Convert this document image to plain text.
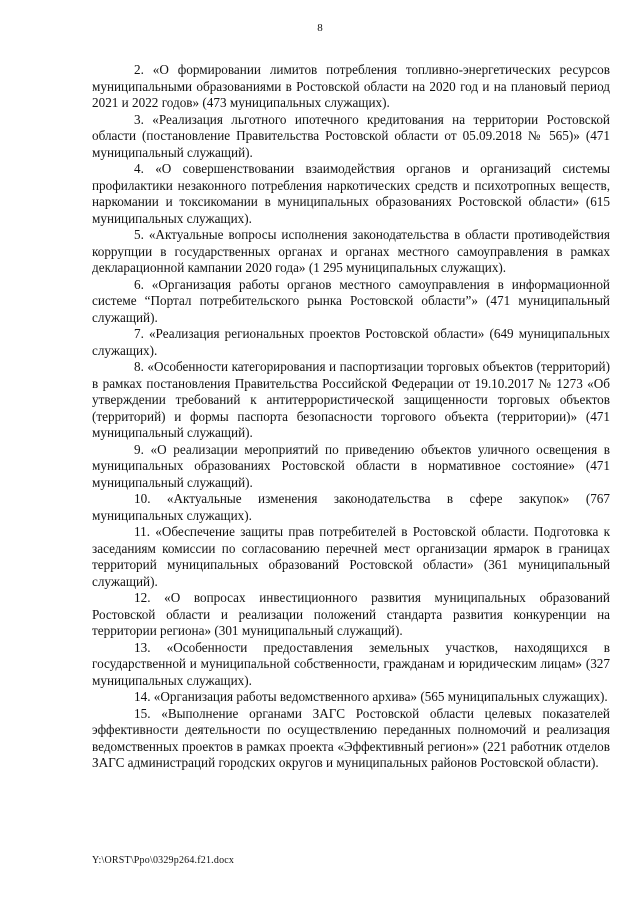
8

2. «О формировании лимитов потребления топливно-энергетических ресурсов муниципальными образованиями в Ростовской области на 2020 год и на плановый период 2021 и 2022 годов» (473 муниципальных служащих).

3. «Реализация льготного ипотечного кредитования на территории Ростовской области (постановление Правительства Ростовской области от 05.09.2018 № 565)» (471 муниципальный служащий).

4. «О совершенствовании взаимодействия органов и организаций системы профилактики незаконного потребления наркотических средств и психотропных веществ, наркомании и токсикомании в муниципальных образованиях Ростовской области» (615 муниципальных служащих).

5. «Актуальные вопросы исполнения законодательства в области противодействия коррупции в государственных органах и органах местного самоуправления в рамках декларационной кампании 2020 года» (1 295 муниципальных служащих).

6. «Организация работы органов местного самоуправления в информационной системе “Портал потребительского рынка Ростовской области”» (471 муниципальный служащий).

7. «Реализация региональных проектов Ростовской области» (649 муниципальных служащих).

8. «Особенности категорирования и паспортизации торговых объектов (территорий) в рамках постановления Правительства Российской Федерации от 19.10.2017 № 1273 «Об утверждении требований к антитеррористической защищенности торговых объектов (территорий) и формы паспорта безопасности торгового объекта (территории)» (471 муниципальный служащий).

9. «О реализации мероприятий по приведению объектов уличного освещения в муниципальных образованиях Ростовской области в нормативное состояние» (471 муниципальный служащий).

10. «Актуальные изменения законодательства в сфере закупок» (767 муниципальных служащих).

11. «Обеспечение защиты прав потребителей в Ростовской области. Подготовка к заседаниям комиссии по согласованию перечней мест организации ярмарок в границах территорий муниципальных образований Ростовской области» (361 муниципальный служащий).

12. «О вопросах инвестиционного развития муниципальных образований Ростовской области и реализации положений стандарта развития конкуренции на территории региона» (301 муниципальный служащий).

13. «Особенности предоставления земельных участков, находящихся в государственной и муниципальной собственности, гражданам и юридическим лицам» (327 муниципальных служащих).

14. «Организация работы ведомственного архива» (565 муниципальных служащих).

15. «Выполнение органами ЗАГС Ростовской области целевых показателей эффективности деятельности по осуществлению переданных полномочий и реализация ведомственных проектов в рамках проекта «Эффективный регион»» (221 работник отделов ЗАГС администраций городских округов и муниципальных районов Ростовской области).

Y:\ORST\Ppo\0329p264.f21.docx
